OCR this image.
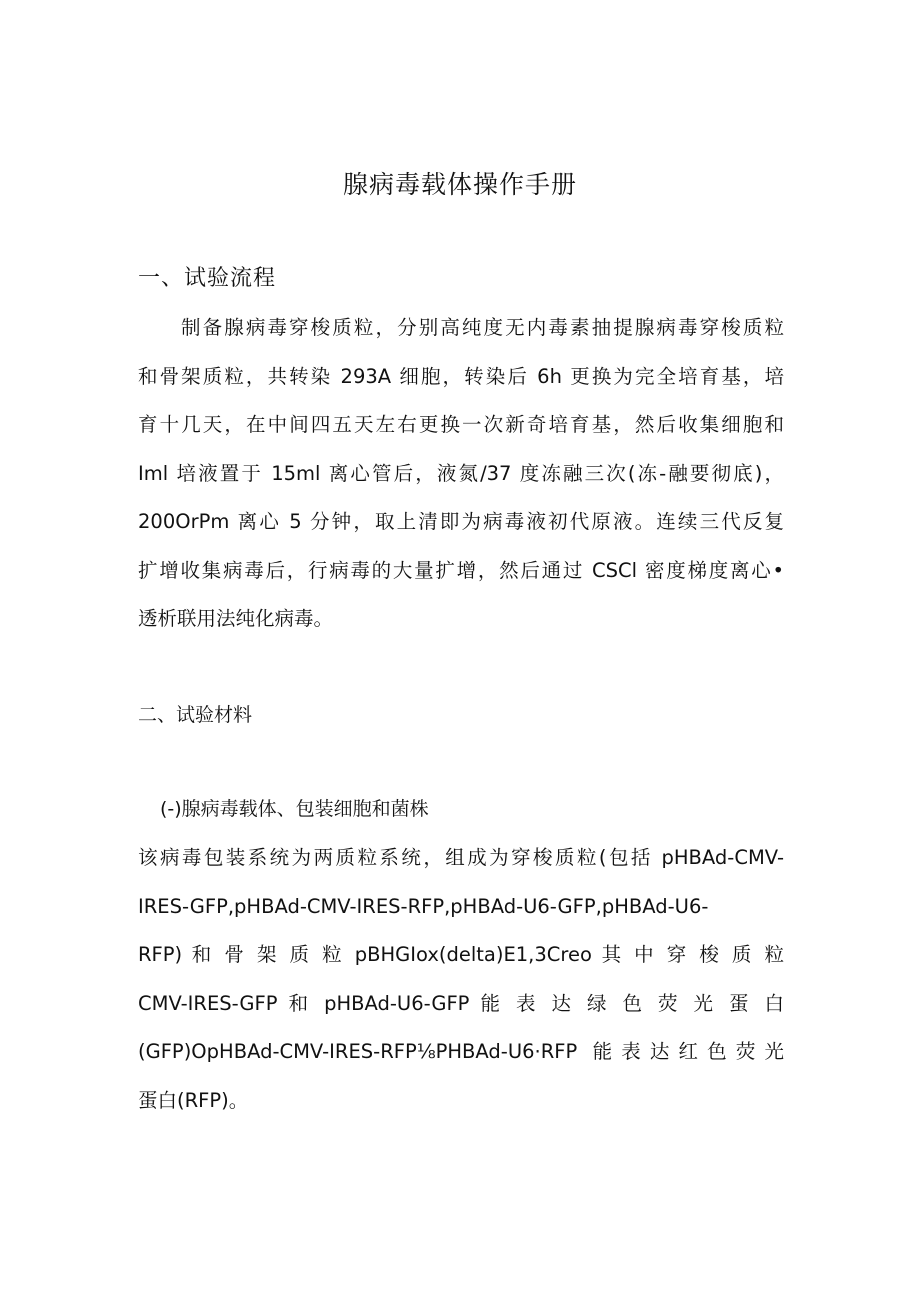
腺病毒载体操作手册
一、试验流程
制备腺病毒穿梭质粒，分别高纯度无内毒素抽提腺病毒穿梭质粒
和骨架质粒，共转染 293A 细胞，转染后 6h 更换为完全培育基，培
育十几天，在中间四五天左右更换一次新奇培育基，然后收集细胞和
Iml 培液置于 15ml 离心管后，液氮/37 度冻融三次(冻-融要彻底)，
200OrPm 离心 5 分钟，取上清即为病毒液初代原液。连续三代反复
扩增收集病毒后，行病毒的大量扩增，然后通过 CSCl 密度梯度离心•
透析联用法纯化病毒。
二、试验材料
(-)腺病毒载体、包装细胞和菌株
该病毒包装系统为两质粒系统，组成为穿梭质粒(包括 pHBAd-CMV-
IRES-GFP,pHBAd-CMV-IRES-RFP,pHBAd-U6-GFP,pHBAd-U6-
RFP) 和 骨 架 质 粒 pBHGIox(delta)E1,3Creo 其 中 穿 梭 质 粒
CMV-IRES-GFP 和 pHBAd-U6-GFP 能 表 达 绿 色 荧 光 蛋 白
(GFP)OpHBAd-CMV-IRES-RFP⅛PHBAd-U6·RFP 能表达红色荧光
蛋白(RFP)。
